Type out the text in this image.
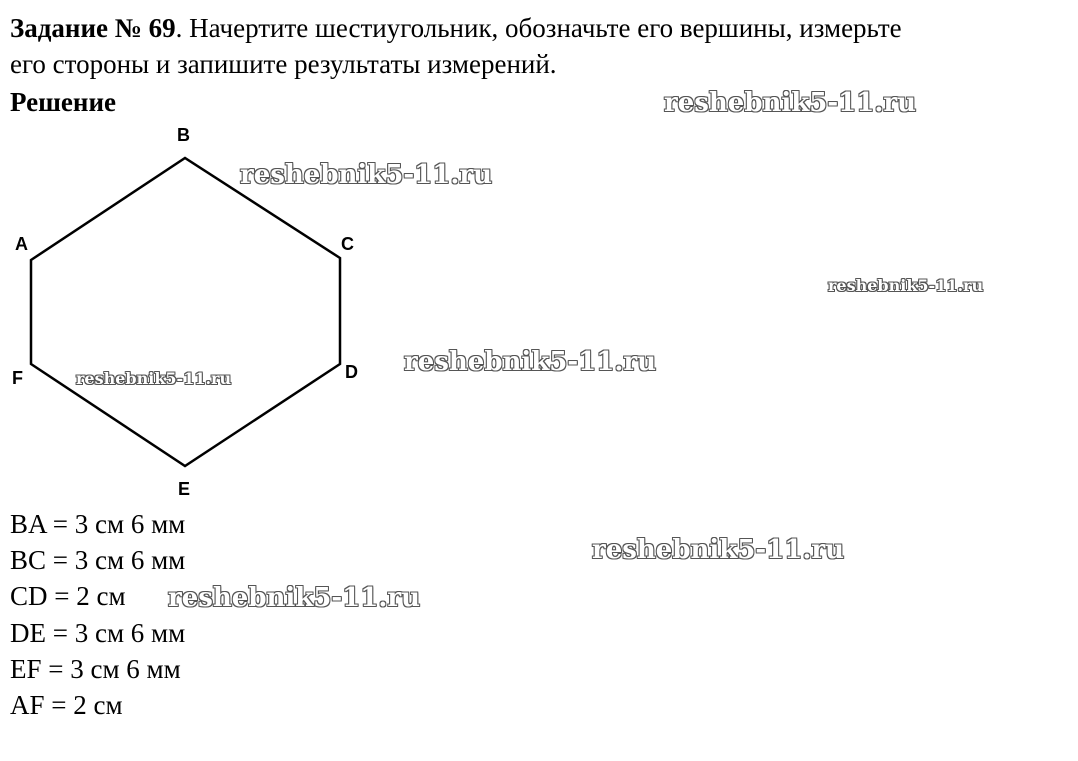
Задание № 69. Начертите шестиугольник, обозначьте его вершины, измерьте
его стороны и запишите результаты измерений.
Решение
A
B
C
D
E
F
BA = 3 см 6 мм
BC = 3 см 6 мм
CD = 2 см
DE = 3 см 6 мм
EF = 3 см 6 мм
AF = 2 см
reshebnik5-11.ru
reshebnik5-11.ru
reshebnik5-11.ru
reshebnik5-11.ru
reshebnik5-11.ru
reshebnik5-11.ru
reshebnik5-11.ru
